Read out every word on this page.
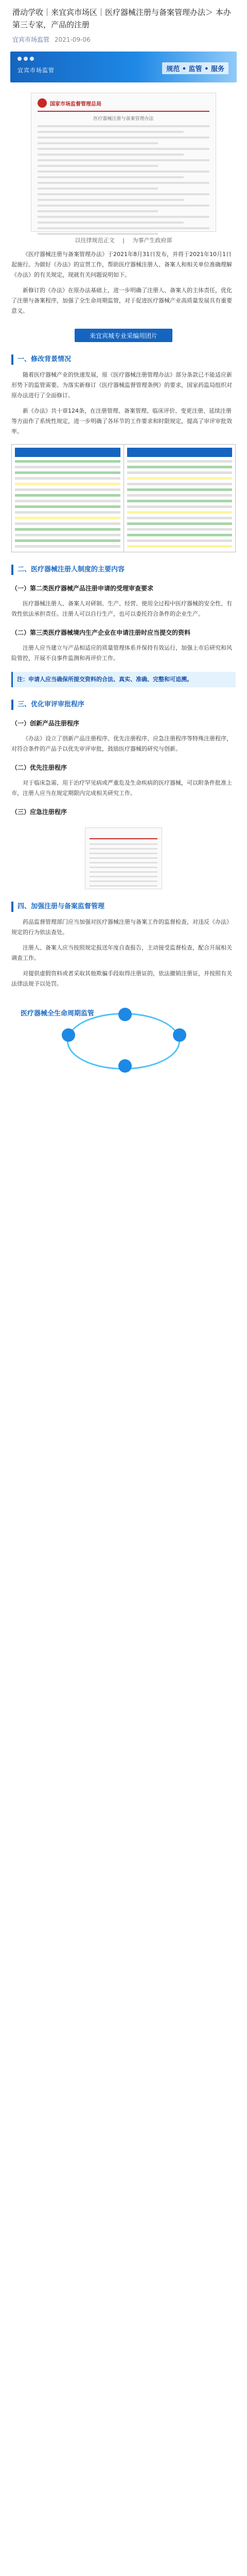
滑动学收｜来宜宾市场区｜医疗器械注册与备案管理办法＞ 本办第三专家，产品的注册
宜宾市场监管 2021-09-06
宜宾市场监管	规范 • 监管 • 服务
国家市场监督管理总局
医疗器械注册与备案管理办法
以往律规范正文 | 为事产生政府部

《医疗器械注册与备案管理办法》于2021年8月31日发布，并将于2021年10月1日起施行。为做好《办法》的宣贯工作，帮助医疗器械注册人、备案人和相关单位准确理解《办法》的有关规定，现就有关问题说明如下。

新修订的《办法》在原办法基础上，进一步明确了注册人、备案人的主体责任，优化了注册与备案程序，加强了全生命周期监管，对于促进医疗器械产业高质量发展具有重要意义。

来宜宾城专业采编用团片
一、修改背景情况

随着医疗器械产业的快速发展，原《医疗器械注册管理办法》部分条款已不能适应新形势下的监管需要。为落实新修订《医疗器械监督管理条例》的要求，国家药监局组织对原办法进行了全面修订。

新《办法》共十章124条，在注册管理、备案管理、临床评价、变更注册、延续注册等方面作了系统性规定，进一步明确了各环节的工作要求和时限规定，提高了审评审批效率。

二、医疗器械注册人制度的主要内容
（一）第二类医疗器械产品注册申请的受理审查要求

医疗器械注册人、备案人对研制、生产、经营、使用全过程中医疗器械的安全性、有效性依法承担责任。注册人可以自行生产，也可以委托符合条件的企业生产。

（二）第三类医疗器械境内生产企业在申请注册时应当提交的资料

注册人应当建立与产品相适应的质量管理体系并保持有效运行，加强上市后研究和风险管控，开展不良事件监测和再评价工作。

注：申请人应当确保所提交资料的合法、真实、准确、完整和可追溯。
三、优化审评审批程序
（一）创新产品注册程序

《办法》设立了创新产品注册程序、优先注册程序、应急注册程序等特殊注册程序，对符合条件的产品予以优先审评审批，鼓励医疗器械的研究与创新。

（二）优先注册程序

对于临床急需、用于治疗罕见病或严重危及生命疾病的医疗器械，可以附条件批准上市，注册人应当在规定期限内完成相关研究工作。

（三）应急注册程序
四、加强注册与备案监督管理

药品监督管理部门应当加强对医疗器械注册与备案工作的监督检查，对违反《办法》规定的行为依法查处。

注册人、备案人应当按照规定报送年度自查报告，主动接受监督检查，配合开展相关调查工作。

对提供虚假资料或者采取其他欺骗手段取得注册证的，依法撤销注册证，并按照有关法律法规予以处罚。

医疗器械全生命周期监管
